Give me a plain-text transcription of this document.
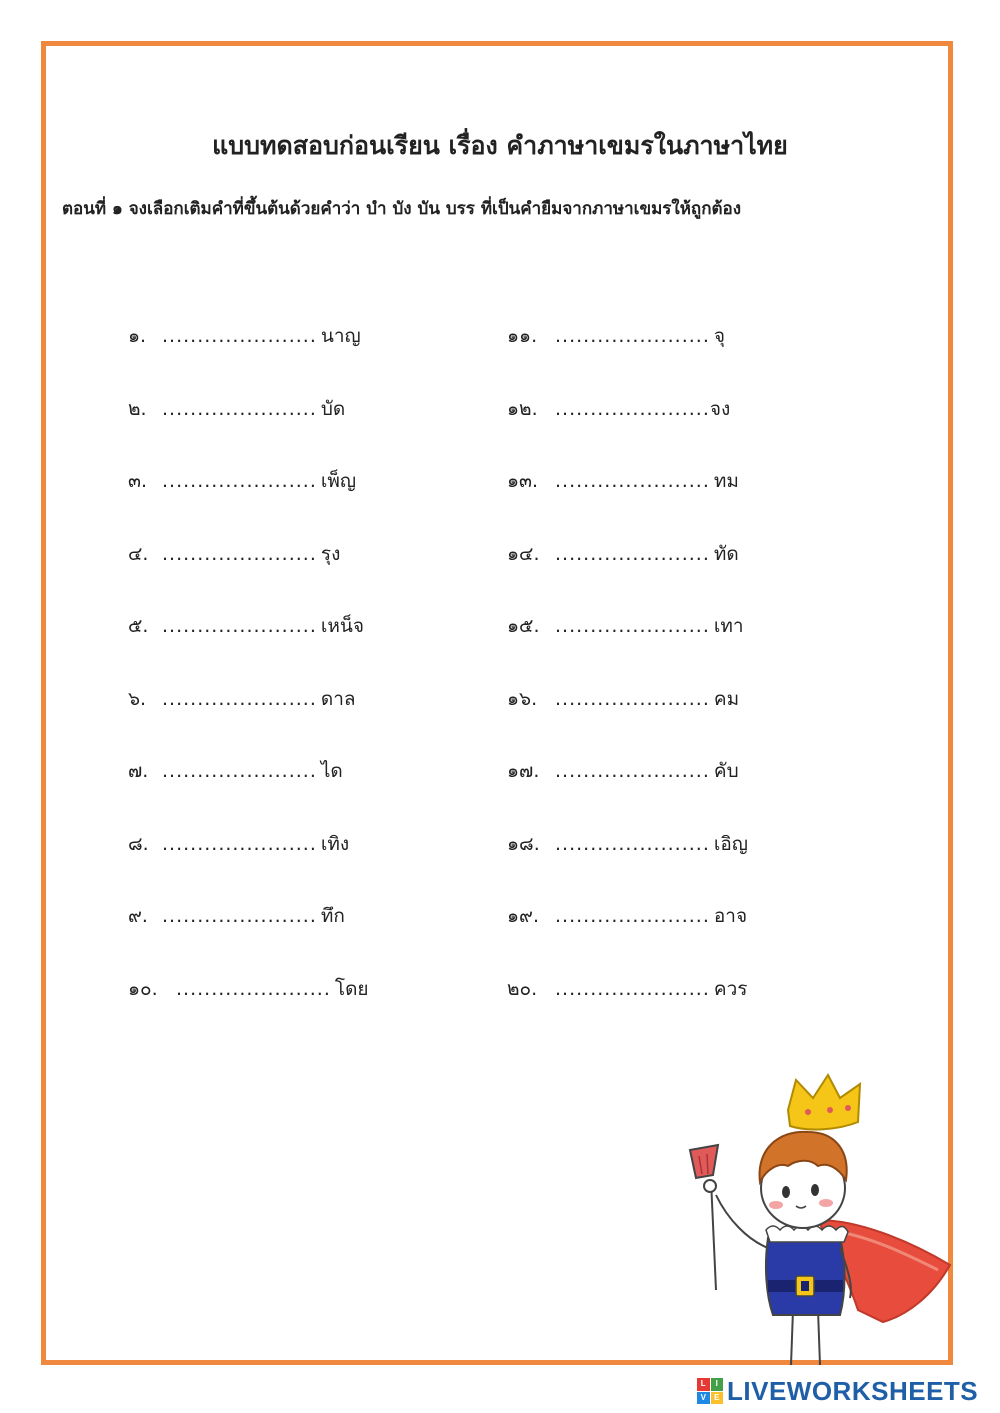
แบบทดสอบก่อนเรียน เรื่อง คำภาษาเขมรในภาษาไทย
ตอนที่ ๑ จงเลือกเติมคำที่ขึ้นต้นด้วยคำว่า บำ บัง บัน บรร ที่เป็นคำยืมจากภาษาเขมรให้ถูกต้อง
๑. ...................... นาญ
๒. ...................... บัด
๓. ...................... เพ็ญ
๔. ...................... รุง
๕. ...................... เหน็จ
๖. ...................... ดาล
๗. ...................... ได
๘. ...................... เทิง
๙. ...................... ทึก
๑๐. ...................... โดย
๑๑. ...................... จุ
๑๒. ...................... จง
๑๓. ...................... ทม
๑๔. ...................... ทัด
๑๕. ...................... เทา
๑๖. ...................... คม
๑๗. ...................... คับ
๑๘. ...................... เอิญ
๑๙. ...................... อาจ
๒๐. ...................... ควร
L	I
V	E LIVEWORKSHEETS
